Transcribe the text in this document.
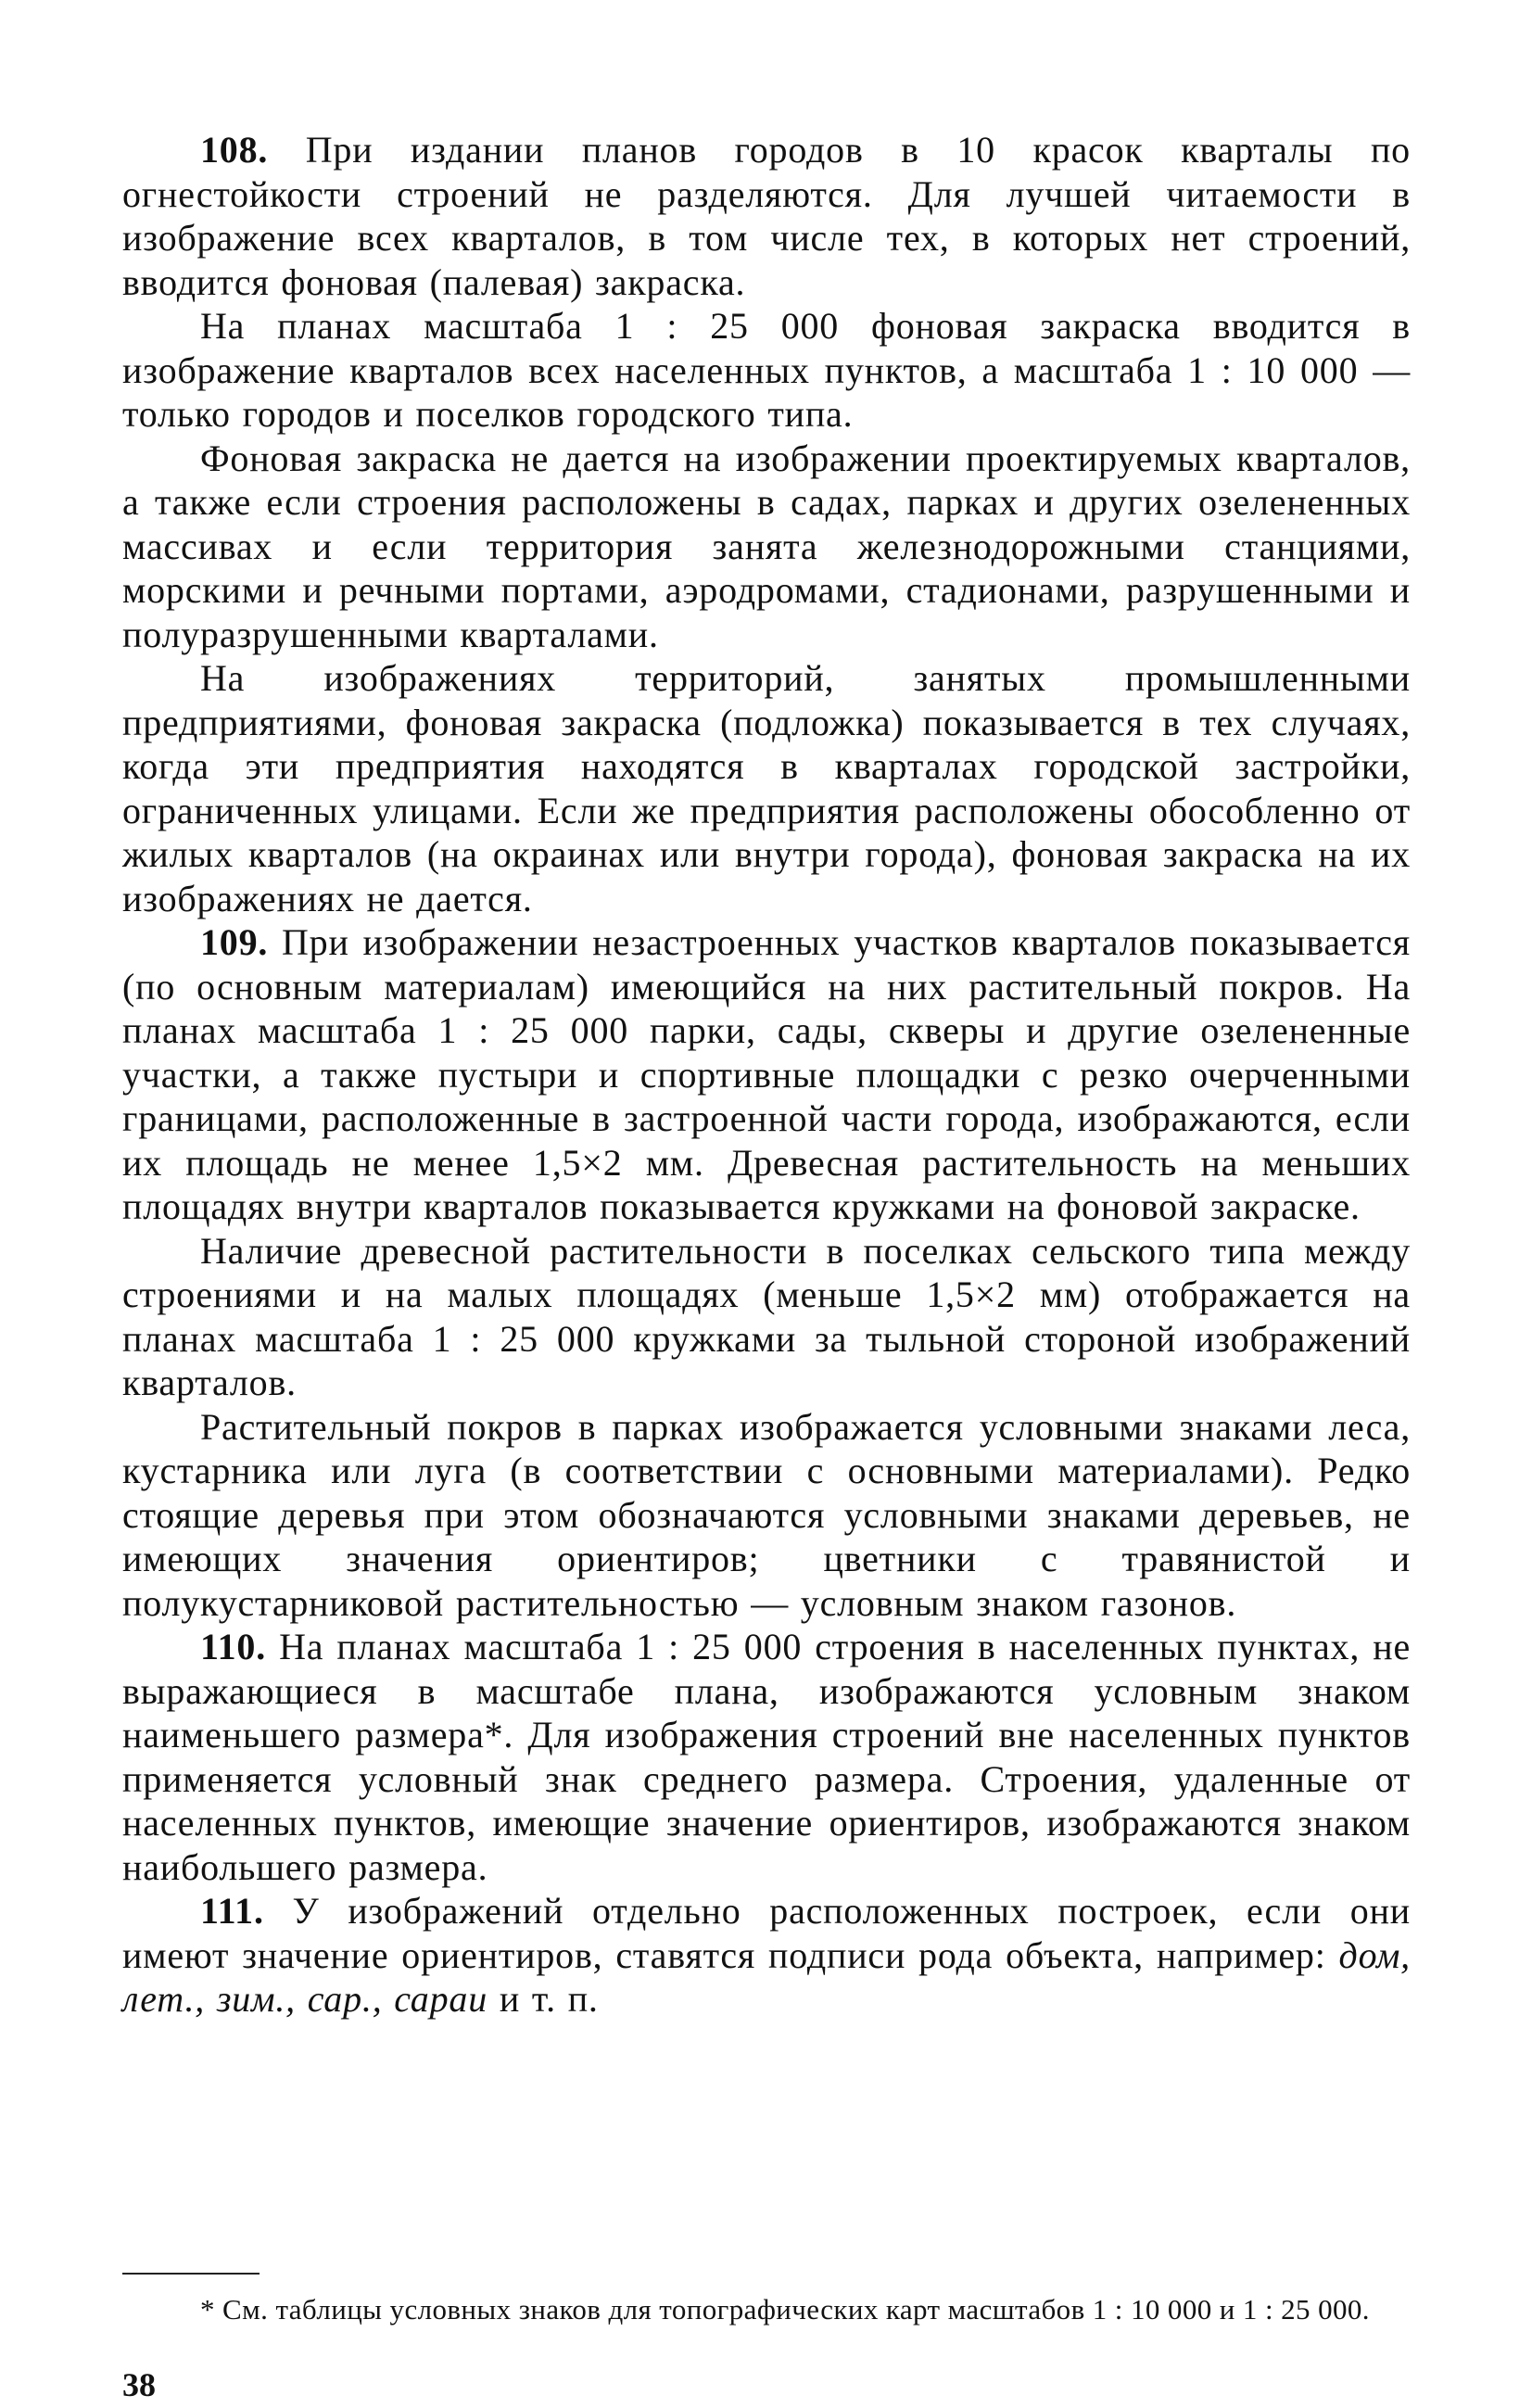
108. При издании планов городов в 10 красок кварталы по огнестойкости строений не разделяются. Для лучшей читаемости в изображение всех кварталов, в том числе тех, в которых нет строений, вводится фоновая (палевая) закраска.

На планах масштаба 1 : 25 000 фоновая закраска вводится в изображение кварталов всех населенных пунктов, а масштаба 1 : 10 000 — только городов и поселков городского типа.

Фоновая закраска не дается на изображении проектируемых кварталов, а также если строения расположены в садах, парках и других озелененных массивах и если территория занята железнодорожными станциями, морскими и речными портами, аэродромами, стадионами, разрушенными и полуразрушенными кварталами.

На изображениях территорий, занятых промышленными предприятиями, фоновая закраска (подложка) показывается в тех случаях, когда эти предприятия находятся в кварталах городской застройки, ограниченных улицами. Если же предприятия расположены обособленно от жилых кварталов (на окраинах или внутри города), фоновая закраска на их изображениях не дается.

109. При изображении незастроенных участков кварталов показывается (по основным материалам) имеющийся на них растительный покров. На планах масштаба 1 : 25 000 парки, сады, скверы и другие озелененные участки, а также пустыри и спортивные площадки с резко очерченными границами, расположенные в застроенной части города, изображаются, если их площадь не менее 1,5×2 мм. Древесная растительность на меньших площадях внутри кварталов показывается кружками на фоновой закраске.

Наличие древесной растительности в поселках сельского типа между строениями и на малых площадях (меньше 1,5×2 мм) отображается на планах масштаба 1 : 25 000 кружками за тыльной стороной изображений кварталов.

Растительный покров в парках изображается условными знаками леса, кустарника или луга (в соответствии с основными материалами). Редко стоящие деревья при этом обозначаются условными знаками деревьев, не имеющих значения ориентиров; цветники с травянистой и полукустарниковой растительностью — условным знаком газонов.

110. На планах масштаба 1 : 25 000 строения в населенных пунктах, не выражающиеся в масштабе плана, изображаются условным знаком наименьшего размера*. Для изображения строений вне населенных пунктов применяется условный знак среднего размера. Строения, удаленные от населенных пунктов, имеющие значение ориентиров, изображаются знаком наибольшего размера.

111. У изображений отдельно расположенных построек, если они имеют значение ориентиров, ставятся подписи рода объекта, например: дом, лет., зим., сар., сараи и т. п.

* См. таблицы условных знаков для топографических карт масштабов 1 : 10 000 и 1 : 25 000.

38
